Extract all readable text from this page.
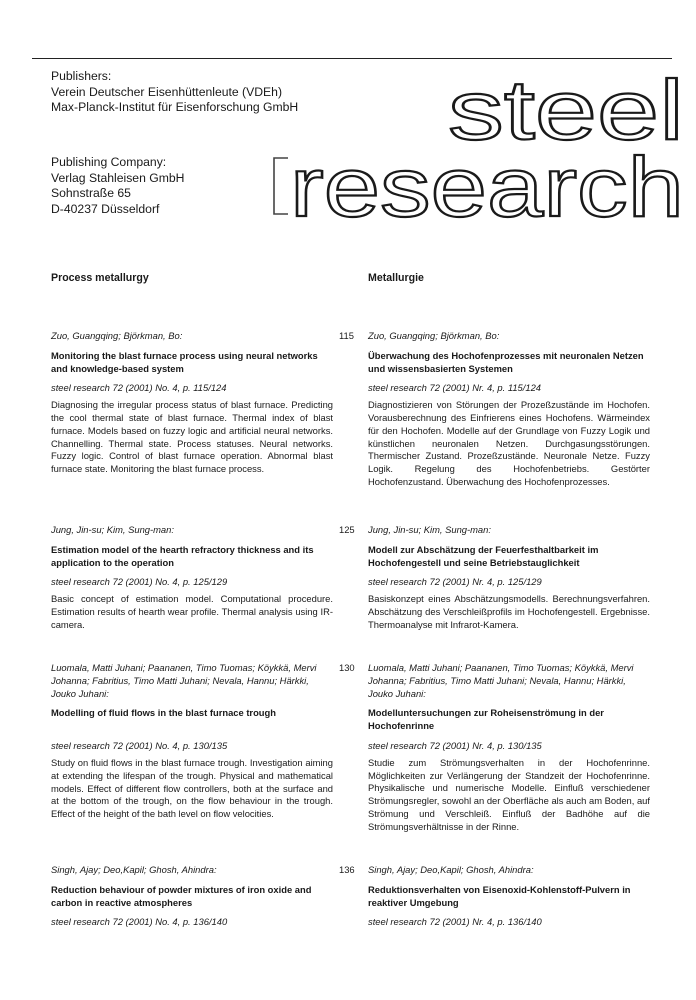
Publishers:
Verein Deutscher Eisenhüttenleute (VDEh)
Max-Planck-Institut für Eisenforschung GmbH
Publishing Company:
Verlag Stahleisen GmbH
Sohnstraße 65
D-40237 Düsseldorf
steel
research
Process metallurgy	Metallurgie
Zuo, Guangqing; Björkman, Bo:
Monitoring the blast furnace process using neural networks and knowledge-based system
steel research 72 (2001) No. 4, p. 115/124
Diagnosing the irregular process status of blast furnace. Predicting the cool thermal state of blast furnace. Thermal index of blast furnace. Models based on fuzzy logic and artificial neural networks. Channelling. Thermal state. Process statuses. Neural networks. Fuzzy logic. Control of blast furnace operation. Abnormal blast furnace state. Monitoring the blast furnace process.
115 Zuo, Guangqing; Björkman, Bo:
Überwachung des Hochofenprozesses mit neuronalen Netzen und wissensbasierten Systemen
steel research 72 (2001) Nr. 4, p. 115/124
Diagnostizieren von Störungen der Prozeßzustände im Hochofen. Vorausberechnung des Einfrierens eines Hochofens. Wärmeindex für den Hochofen. Modelle auf der Grundlage von Fuzzy Logik und künstlichen neuronalen Netzen. Durchgasungsstörungen. Thermischer Zustand. Prozeßzustände. Neuronale Netze. Fuzzy Logik. Regelung des Hochofenbetriebs. Gestörter Hochofenzustand. Überwachung des Hochofenprozesses.
Jung, Jin-su; Kim, Sung-man:
Estimation model of the hearth refractory thickness and its application to the operation
steel research 72 (2001) No. 4, p. 125/129
Basic concept of estimation model. Computational procedure. Estimation results of hearth wear profile. Thermal analysis using IR-camera.
125 Jung, Jin-su; Kim, Sung-man:
Modell zur Abschätzung der Feuerfesthaltbarkeit im Hochofengestell und seine Betriebstauglichkeit
steel research 72 (2001) Nr. 4, p. 125/129
Basiskonzept eines Abschätzungsmodells. Berechnungsverfahren. Abschätzung des Verschleißprofils im Hochofengestell. Ergebnisse. Thermoanalyse mit Infrarot-Kamera.
Luomala, Matti Juhani; Paananen, Timo Tuomas; Köykkä, Mervi Johanna; Fabritius, Timo Matti Juhani; Nevala, Hannu; Härkki, Jouko Juhani:
Modelling of fluid flows in the blast furnace trough
steel research 72 (2001) No. 4, p. 130/135
Study on fluid flows in the blast furnace trough. Investigation aiming at extending the lifespan of the trough. Physical and mathematical models. Effect of different flow controllers, both at the surface and at the bottom of the trough, on the flow behaviour in the trough. Effect of the height of the bath level on flow velocities.
130 Luomala, Matti Juhani; Paananen, Timo Tuomas; Köykkä, Mervi Johanna; Fabritius, Timo Matti Juhani; Nevala, Hannu; Härkki, Jouko Juhani:
Modelluntersuchungen zur Roheisenströmung in der Hochofenrinne
steel research 72 (2001) Nr. 4, p. 130/135
Studie zum Strömungsverhalten in der Hochofenrinne. Möglichkeiten zur Verlängerung der Standzeit der Hochofenrinne. Physikalische und numerische Modelle. Einfluß verschiedener Strömungsregler, sowohl an der Oberfläche als auch am Boden, auf Strömung und Verschleiß. Einfluß der Badhöhe auf die Strömungsverhältnisse in der Rinne.
Singh, Ajay; Deo,Kapil; Ghosh, Ahindra:
Reduction behaviour of powder mixtures of iron oxide and carbon in reactive atmospheres
steel research 72 (2001) No. 4, p. 136/140
136 Singh, Ajay; Deo,Kapil; Ghosh, Ahindra:
Reduktionsverhalten von Eisenoxid-Kohlenstoff-Pulvern in reaktiver Umgebung
steel research 72 (2001) Nr. 4, p. 136/140
